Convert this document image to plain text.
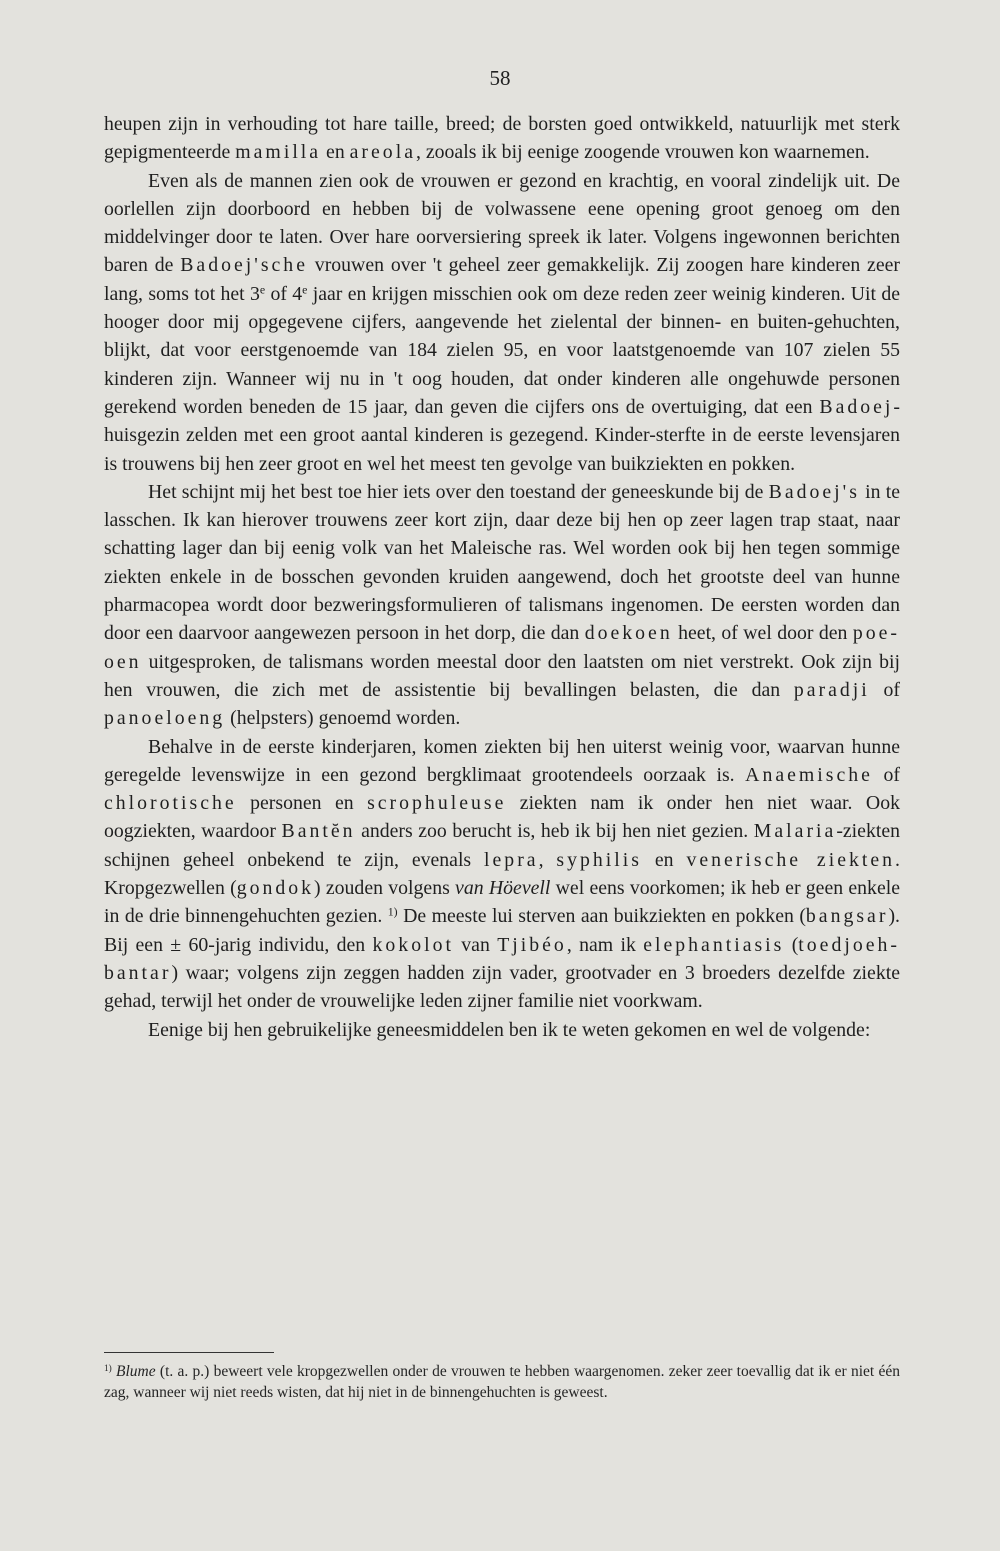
58

heupen zijn in verhouding tot hare taille, breed; de borsten goed ontwikkeld, natuurlijk met sterk gepigmenteerde mamilla en areola, zooals ik bij eenige zoogende vrouwen kon waarnemen.

Even als de mannen zien ook de vrouwen er gezond en krachtig, en vooral zindelijk uit. De oorlellen zijn doorboord en hebben bij de volwassene eene opening groot genoeg om den middelvinger door te laten. Over hare oorversiering spreek ik later. Volgens ingewonnen berichten baren de Badoej'sche vrouwen over 't geheel zeer gemakkelijk. Zij zoogen hare kinderen zeer lang, soms tot het 3e of 4e jaar en krijgen misschien ook om deze reden zeer weinig kinderen. Uit de hooger door mij opgegevene cijfers, aangevende het zielental der binnen- en buiten-gehuchten, blijkt, dat voor eerstgenoemde van 184 zielen 95, en voor laatstgenoemde van 107 zielen 55 kinderen zijn. Wanneer wij nu in 't oog houden, dat onder kinderen alle ongehuwde personen gerekend worden beneden de 15 jaar, dan geven die cijfers ons de overtuiging, dat een Badoej-huisgezin zelden met een groot aantal kinderen is gezegend. Kinder-sterfte in de eerste levensjaren is trouwens bij hen zeer groot en wel het meest ten gevolge van buikziekten en pokken.

Het schijnt mij het best toe hier iets over den toestand der geneeskunde bij de Badoej's in te lasschen. Ik kan hierover trouwens zeer kort zijn, daar deze bij hen op zeer lagen trap staat, naar schatting lager dan bij eenig volk van het Maleische ras. Wel worden ook bij hen tegen sommige ziekten enkele in de bosschen gevonden kruiden aangewend, doch het grootste deel van hunne pharmacopea wordt door bezweringsformulieren of talismans ingenomen. De eersten worden dan door een daarvoor aangewezen persoon in het dorp, die dan doekoen heet, of wel door den poe-oen uitgesproken, de talismans worden meestal door den laatsten om niet verstrekt. Ook zijn bij hen vrouwen, die zich met de assistentie bij bevallingen belasten, die dan paradji of panoeloeng (helpsters) genoemd worden.

Behalve in de eerste kinderjaren, komen ziekten bij hen uiterst weinig voor, waarvan hunne geregelde levenswijze in een gezond bergklimaat grootendeels oorzaak is. Anaemische of chlorotische personen en scrophuleuse ziekten nam ik onder hen niet waar. Ook oogziekten, waardoor Bantĕn anders zoo berucht is, heb ik bij hen niet gezien. Malaria-ziekten schijnen geheel onbekend te zijn, evenals lepra, syphilis en venerische ziekten. Kropgezwellen (gondok) zouden volgens van Höevell wel eens voorkomen; ik heb er geen enkele in de drie binnengehuchten gezien. $^{1)}$ De meeste lui sterven aan buikziekten en pokken (bangsar). Bij een ± 60-jarig individu, den kokolot van Tjibéo, nam ik elephantiasis (toedjoeh-bantar) waar; volgens zijn zeggen hadden zijn vader, grootvader en 3 broeders dezelfde ziekte gehad, terwijl het onder de vrouwelijke leden zijner familie niet voorkwam.

Eenige bij hen gebruikelijke geneesmiddelen ben ik te weten gekomen en wel de volgende:

$^{1)}$ Blume (t. a. p.) beweert vele kropgezwellen onder de vrouwen te hebben waargenomen. zeker zeer toevallig dat ik er niet één zag, wanneer wij niet reeds wisten, dat hij niet in de binnengehuchten is geweest.
